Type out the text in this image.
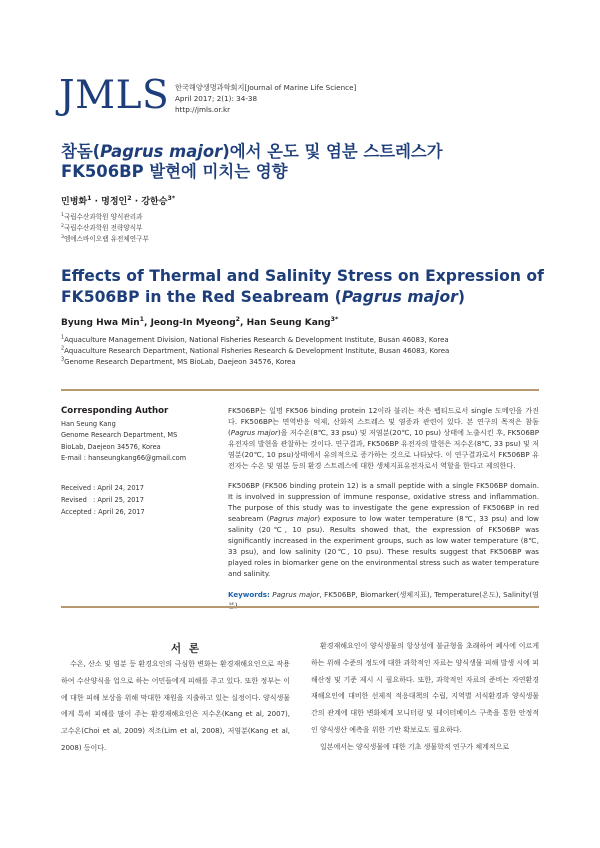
JMLS 한국해양생명과학회지[Journal of Marine Life Science]
April 2017; 2(1): 34-38
http://jmls.or.kr
참돔(Pagrus major)에서 온도 및 염분 스트레스가
FK506BP 발현에 미치는 영향
민병화$^1$ · 명정인$^2$ · 강한승$^{3*}$
$^1$국립수산과학원 양식관리과
$^2$국립수산과학원 전략양식부
$^3$엠에스바이오랩 유전체연구부
Effects of Thermal and Salinity Stress on Expression of
FK506BP in the Red Seabream (Pagrus major)
Byung Hwa Min$^1$, Jeong-In Myeong$^2$, Han Seung Kang$^{3*}$
$^1$Aquaculture Management Division, National Fisheries Research & Development Institute, Busan 46083, Korea
$^2$Aquaculture Research Department, National Fisheries Research & Development Institute, Busan 46083, Korea
$^3$Genome Research Department, MS BioLab, Daejeon 34576, Korea
Corresponding Author
Han Seung Kang
Genome Research Department, MS
BioLab, Daejeon 34576, Korea
E-mail : hanseungkang66@gmail.com
Received : April 24, 2017
Revised   : April 25, 2017
Accepted : April 26, 2017

FK506BP는 일명 FK506 binding protein 12이라 불리는 작은 펩티드로서 single 도메인을 가진다. FK506BP는 면역반응 억제, 산화적 스트레스 및 염증과 관련이 있다. 본 연구의 목적은 참돔(Pagrus major)을 저수온(8℃, 33 psu) 및 저염분(20℃, 10 psu) 상태에 노출시킨 후, FK506BP 유전자의 발현을 관찰하는 것이다. 연구결과, FK506BP 유전자의 발현은 저수온(8℃, 33 psu) 및 저염분(20℃, 10 psu)상태에서 유의적으로 증가하는 것으로 나타났다. 이 연구결과로서 FK506BP 유전자는 수온 및 염분 등의 환경 스트레스에 대한 생체지표유전자로서 역할을 한다고 제의한다.

FK506BP (FK506 binding protein 12) is a small peptide with a single FK506BP domain. It is involved in suppression of immune response, oxidative stress and inflammation. The purpose of this study was to investigate the gene expression of FK506BP in red seabream (Pagrus major) exposure to low water temperature (8℃, 33 psu) and low salinity (20℃, 10 psu). Results showed that, the expression of FK506BP was significantly increased in the experiment groups, such as low water temperature (8℃, 33 psu), and low salinity (20℃, 10 psu). These results suggest that FK506BP was played roles in biomarker gene on the environmental stress such as water temperature and salinity.

Keywords: Pagrus major, FK506BP, Biomarker(생체지표), Temperature(온도), Salinity(염분)

서 론

수온, 산소 및 염분 등 환경요인의 극심한 변화는 환경재해요인으로 작용하여 수산양식을 업으로 하는 어민들에게 피해를 주고 있다. 또한 정부는 이에 대한 피해 보상을 위해 막대한 재원을 지출하고 있는 실정이다. 양식생물에게 특히 피해를 많이 주는 환경재해요인은 저수온(Kang et al, 2007), 고수온(Choi et al, 2009) 적조(Lim et al, 2008), 저염분(Kang et al, 2008) 등이다.

환경재해요인이 양식생물의 항상성에 불균형을 초래하여 폐사에 이르게 하는 위해 수준의 정도에 대한 과학적인 자료는 양식생물 피해 발생 시에 피해산정 및 기준 제시 시 필요하다. 또한, 과학적인 자료의 준비는 자연환경재해요인에 대비한 선제적 적응대책의 수립, 지역별 서식환경과 양식생물 간의 관계에 대한 변화체계 모니터링 및 데이터베이스 구축을 통한 안정적인 양식생산 예측을 위한 기반 확보로도 필요하다.

일본에서는 양식생물에 대한 기초 생물학적 연구가 체계적으로
